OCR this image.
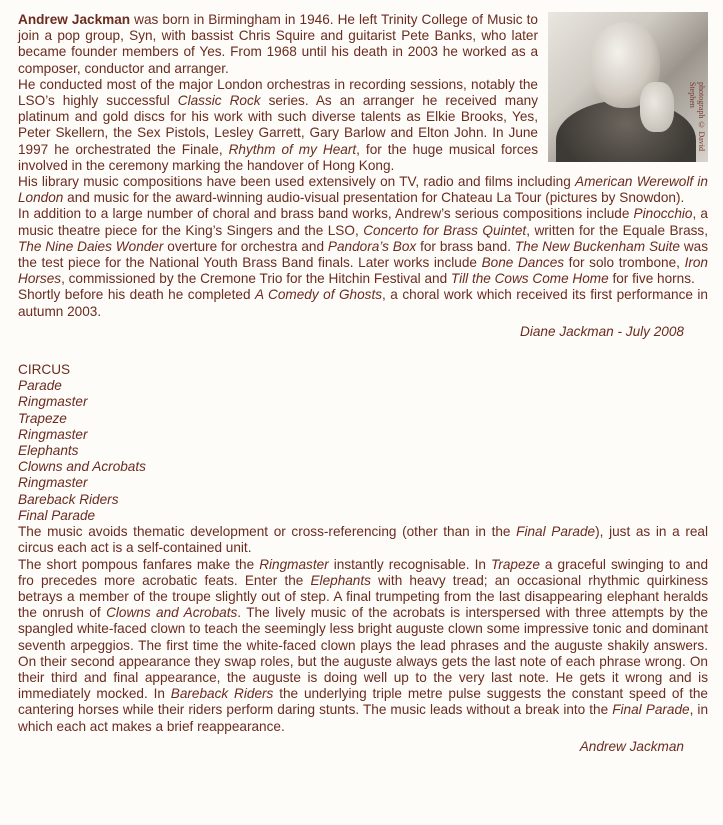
photograph © David Stephen

Andrew Jackman was born in Birmingham in 1946. He left Trinity College of Music to join a pop group, Syn, with bassist Chris Squire and guitarist Pete Banks, who later became founder members of Yes. From 1968 until his death in 2003 he worked as a composer, conductor and arranger.

He conducted most of the major London orchestras in recording sessions, notably the LSO’s highly successful Classic Rock series. As an arranger he received many platinum and gold discs for his work with such diverse talents as Elkie Brooks, Yes, Peter Skellern, the Sex Pistols, Lesley Garrett, Gary Barlow and Elton John. In June 1997 he orchestrated the Finale, Rhythm of my Heart, for the huge musical forces involved in the ceremony marking the handover of Hong Kong.

His library music compositions have been used extensively on TV, radio and films including American Werewolf in London and music for the award-winning audio-visual presentation for Chateau La Tour (pictures by Snowdon).

In addition to a large number of choral and brass band works, Andrew’s serious compositions include Pinocchio, a music theatre piece for the King’s Singers and the LSO, Concerto for Brass Quintet, written for the Equale Brass, The Nine Daies Wonder overture for orchestra and Pandora’s Box for brass band. The New Buckenham Suite was the test piece for the National Youth Brass Band finals. Later works include Bone Dances for solo trombone, Iron Horses, commissioned by the Cremone Trio for the Hitchin Festival and Till the Cows Come Home for five horns.

Shortly before his death he completed A Comedy of Ghosts, a choral work which received its first performance in autumn 2003.

Diane Jackman - July 2008

CIRCUS

Parade
Ringmaster
Trapeze
Ringmaster
Elephants
Clowns and Acrobats
Ringmaster
Bareback Riders
Final Parade

The music avoids thematic development or cross-referencing (other than in the Final Parade), just as in a real circus each act is a self-contained unit.

The short pompous fanfares make the Ringmaster instantly recognisable. In Trapeze a graceful swinging to and fro precedes more acrobatic feats. Enter the Elephants with heavy tread; an occasional rhythmic quirkiness betrays a member of the troupe slightly out of step. A final trumpeting from the last disappearing elephant heralds the onrush of Clowns and Acrobats. The lively music of the acrobats is interspersed with three attempts by the spangled white-faced clown to teach the seemingly less bright auguste clown some impressive tonic and dominant seventh arpeggios. The first time the white-faced clown plays the lead phrases and the auguste shakily answers. On their second appearance they swap roles, but the auguste always gets the last note of each phrase wrong. On their third and final appearance, the auguste is doing well up to the very last note. He gets it wrong and is immediately mocked. In Bareback Riders the underlying triple metre pulse suggests the constant speed of the cantering horses while their riders perform daring stunts. The music leads without a break into the Final Parade, in which each act makes a brief reappearance.

Andrew Jackman
